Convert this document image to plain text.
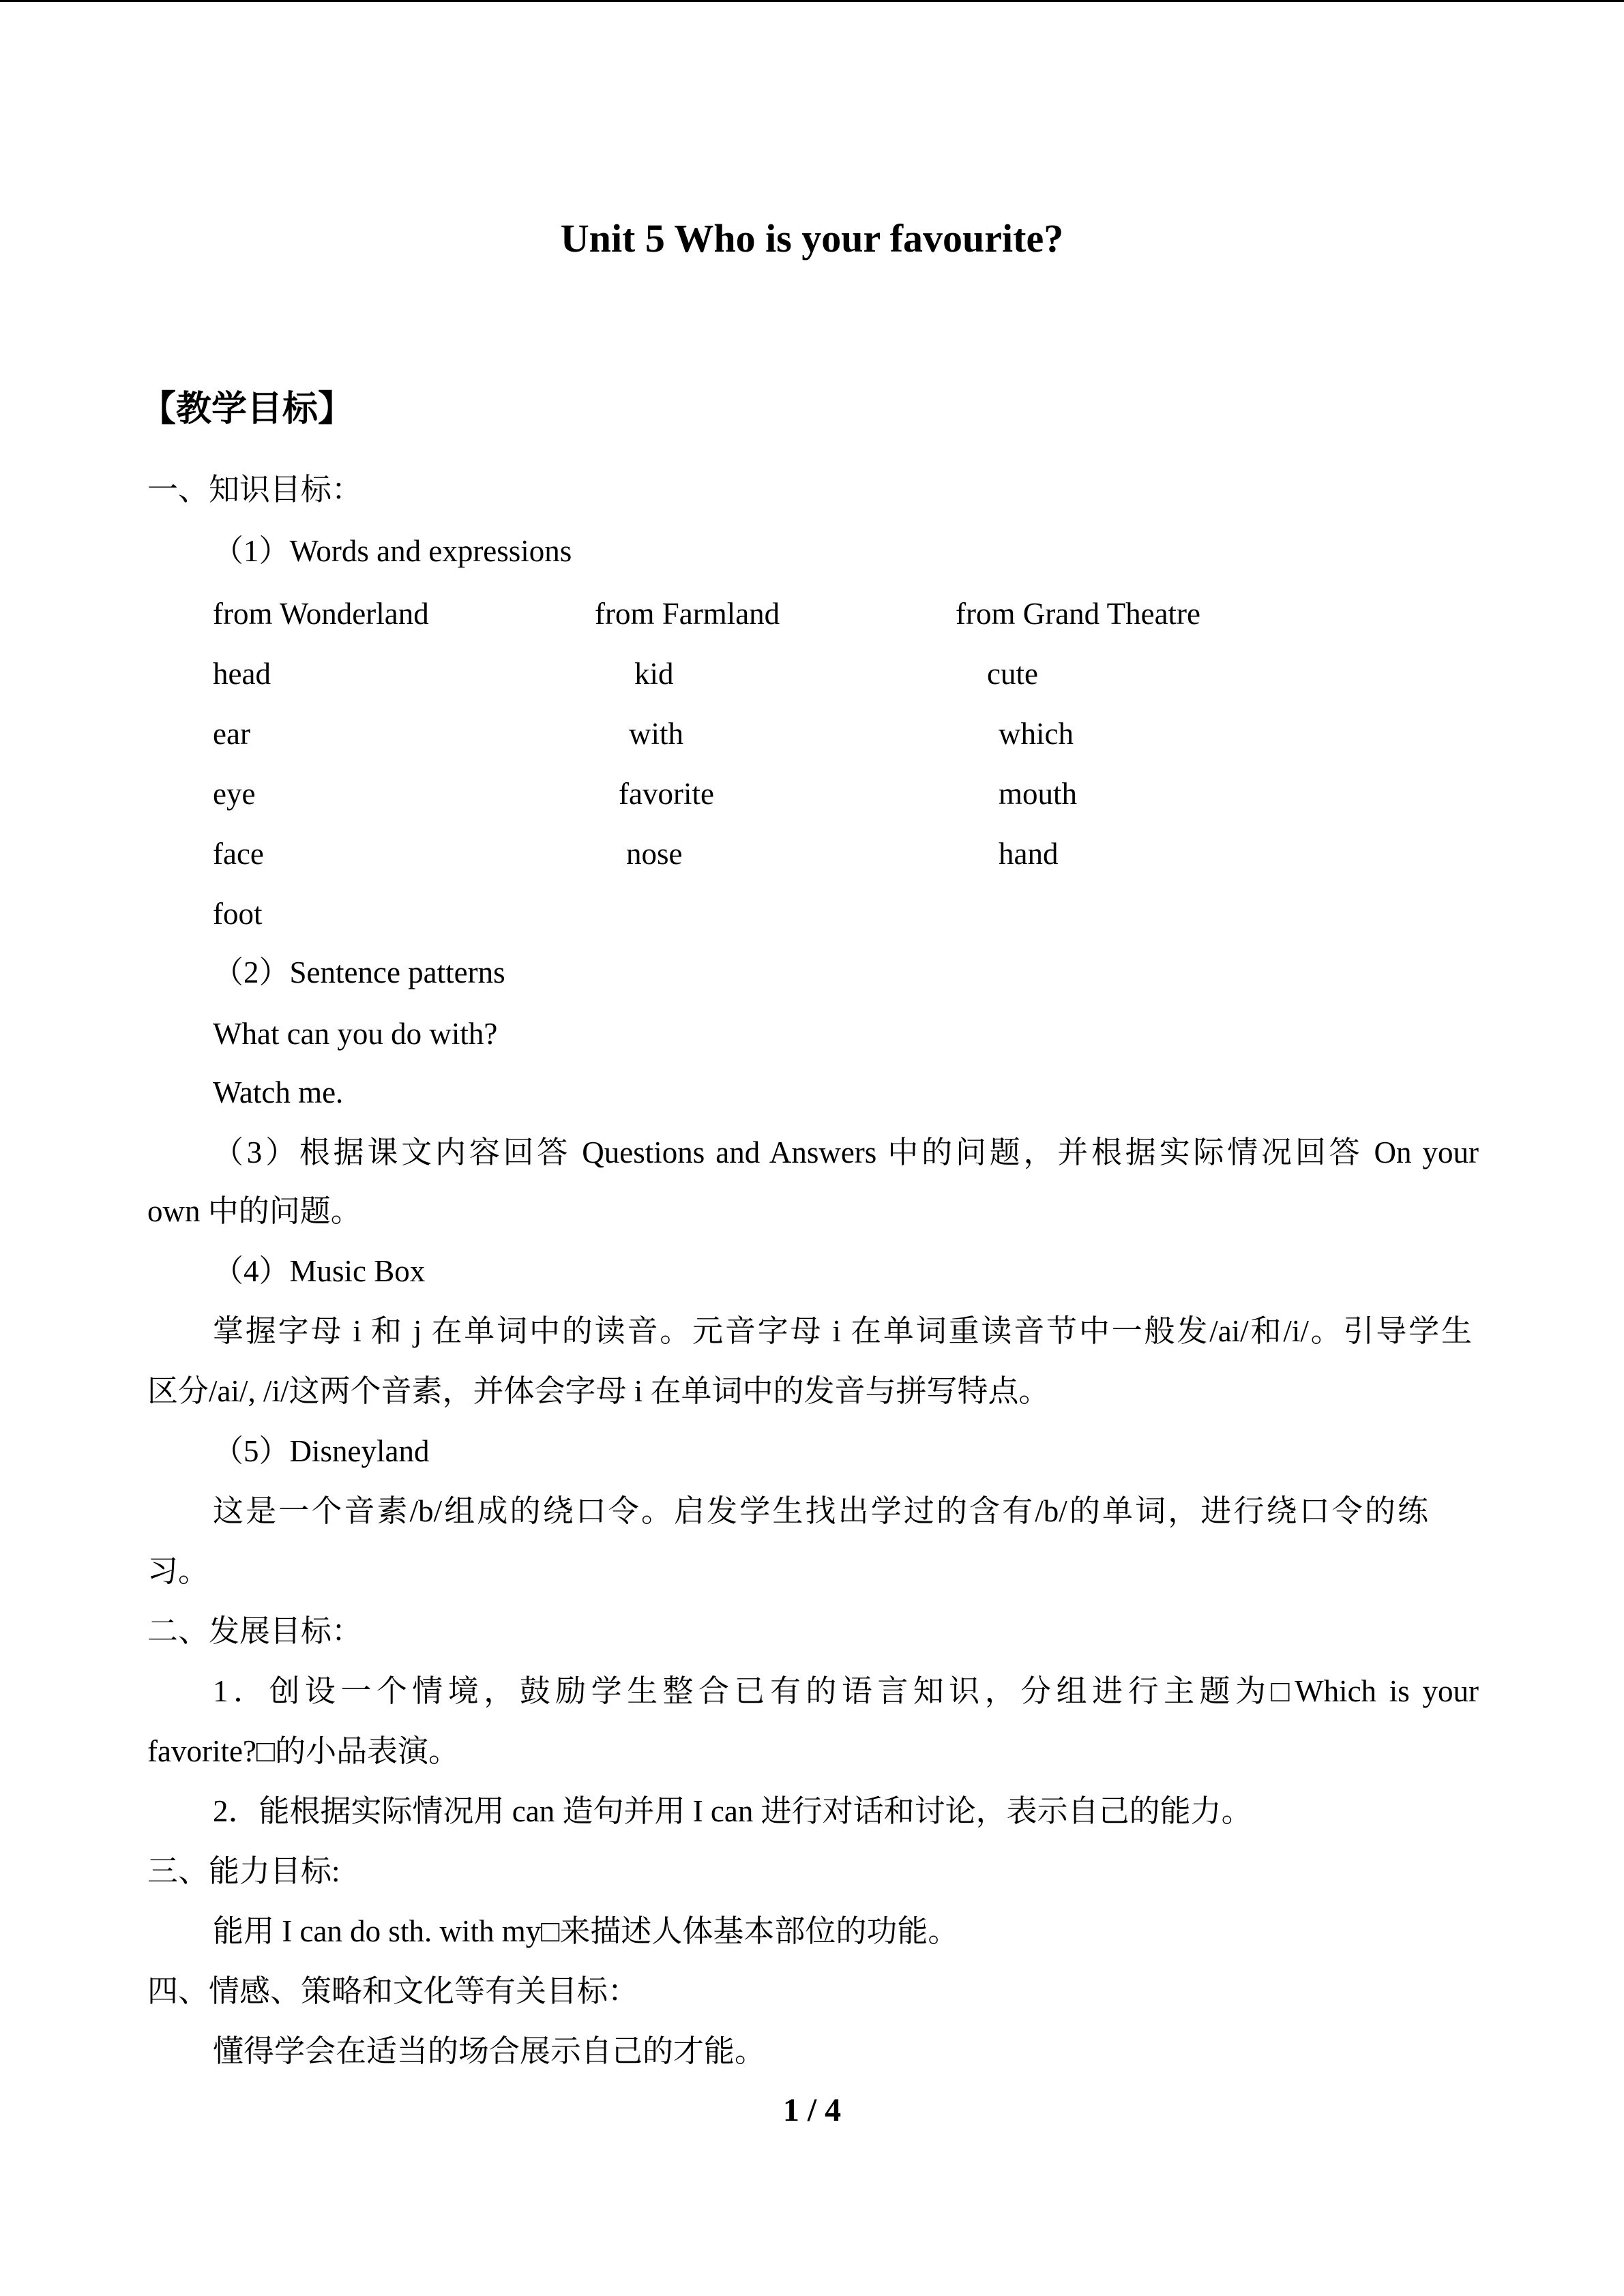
Unit 5 Who is your favourite?
【教学目标】
一、知识目标：
（1）Words and expressions
from Wonderland	from Farmland	from Grand Theatre
head	kid	cute
ear	with	which
eye	favorite	mouth
face	nose	hand
foot
（2）Sentence patterns
What can you do with?
Watch me.
（3）根据课文内容回答 Questions and Answers 中的问题，并根据实际情况回答 On your
own 中的问题。
（4）Music Box
掌握字母 i 和 j 在单词中的读音。元音字母 i 在单词重读音节中一般发/ai/和/i/。引导学生
区分/ai/, /i/这两个音素，并体会字母 i 在单词中的发音与拼写特点。
（5）Disneyland
这是一个音素/b/组成的绕口令。启发学生找出学过的含有/b/的单词，进行绕口令的练
习。
二、发展目标：
1．创设一个情境，鼓励学生整合已有的语言知识，分组进行主题为□Which is your
favorite?□的小品表演。
2．能根据实际情况用 can 造句并用 I can 进行对话和讨论，表示自己的能力。
三、能力目标:
能用 I can do sth. with my□来描述人体基本部位的功能。
四、情感、策略和文化等有关目标：
懂得学会在适当的场合展示自己的才能。
1 / 4
